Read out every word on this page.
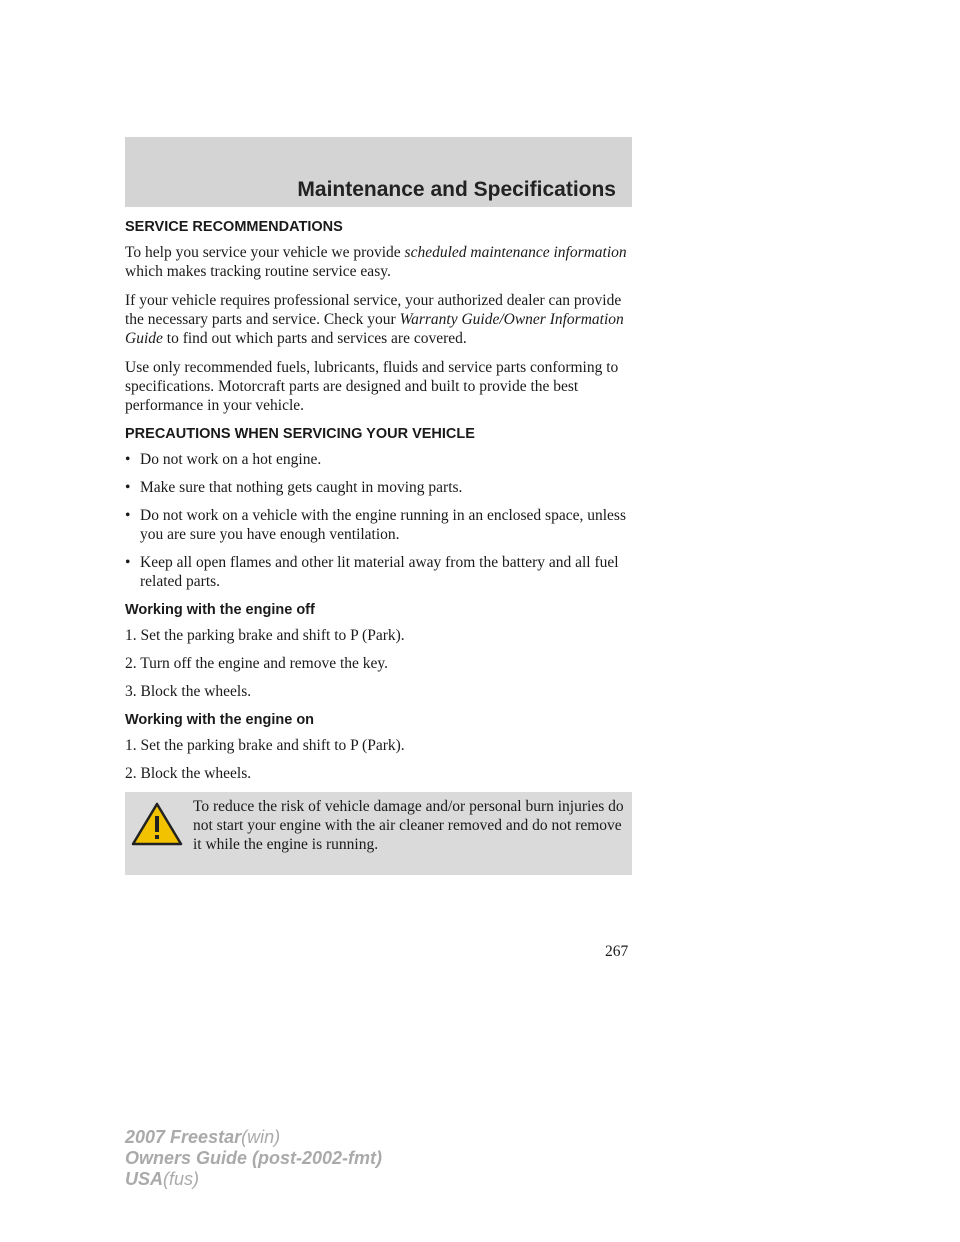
Maintenance and Specifications
SERVICE RECOMMENDATIONS

To help you service your vehicle we provide scheduled maintenance information which makes tracking routine service easy.

If your vehicle requires professional service, your authorized dealer can provide the necessary parts and service. Check your Warranty Guide/Owner Information Guide to find out which parts and services are covered.

Use only recommended fuels, lubricants, fluids and service parts conforming to specifications. Motorcraft parts are designed and built to provide the best performance in your vehicle.

PRECAUTIONS WHEN SERVICING YOUR VEHICLE
• Do not work on a hot engine.
• Make sure that nothing gets caught in moving parts.
• Do not work on a vehicle with the engine running in an enclosed space, unless you are sure you have enough ventilation.
• Keep all open flames and other lit material away from the battery and all fuel related parts.
Working with the engine off

1. Set the parking brake and shift to P (Park).

2. Turn off the engine and remove the key.

3. Block the wheels.

Working with the engine on

1. Set the parking brake and shift to P (Park).

2. Block the wheels.

To reduce the risk of vehicle damage and/or personal burn injuries do not start your engine with the air cleaner removed and do not remove it while the engine is running.

267
2007 Freestar(win)
Owners Guide (post-2002-fmt)
USA(fus)
